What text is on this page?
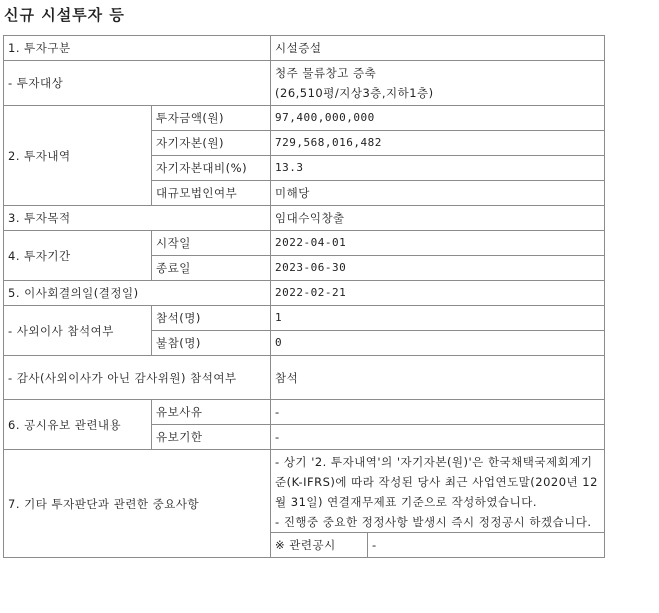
신규 시설투자 등
1. 투자구분		시설증설
- 투자대상		청주 물류창고 증축
(26,510평/지상3층,지하1층)

2. 투자내역	투자금액(원)	97,400,000,000
	자기자본(원)	729,568,016,482
	자기자본대비(%)	13.3
	대규모법인여부	미해당
3. 투자목적		임대수익창출
4. 투자기간	시작일	2022-04-01
	종료일	2023-06-30
5. 이사회결의일(결정일)		2022-02-21
- 사외이사 참석여부	참석(명)	1
	불참(명)	0
- 감사(사외이사가 아닌 감사위원) 참석여부		참석
6. 공시유보 관련내용	유보사유	-
	유보기한	-
7. 기타 투자판단과 관련한 중요사항		- 상기 '2. 투자내역'의 '자기자본(원)'은 한국채택국제회계기준(K-IFRS)에 따라 작성된 당사 최근 사업연도말(2020년 12월 31일) 연결재무제표 기준으로 작성하였습니다.
- 진행중 중요한 정정사항 발생시 즉시 정정공시 하겠습니다.
※ 관련공시 -
